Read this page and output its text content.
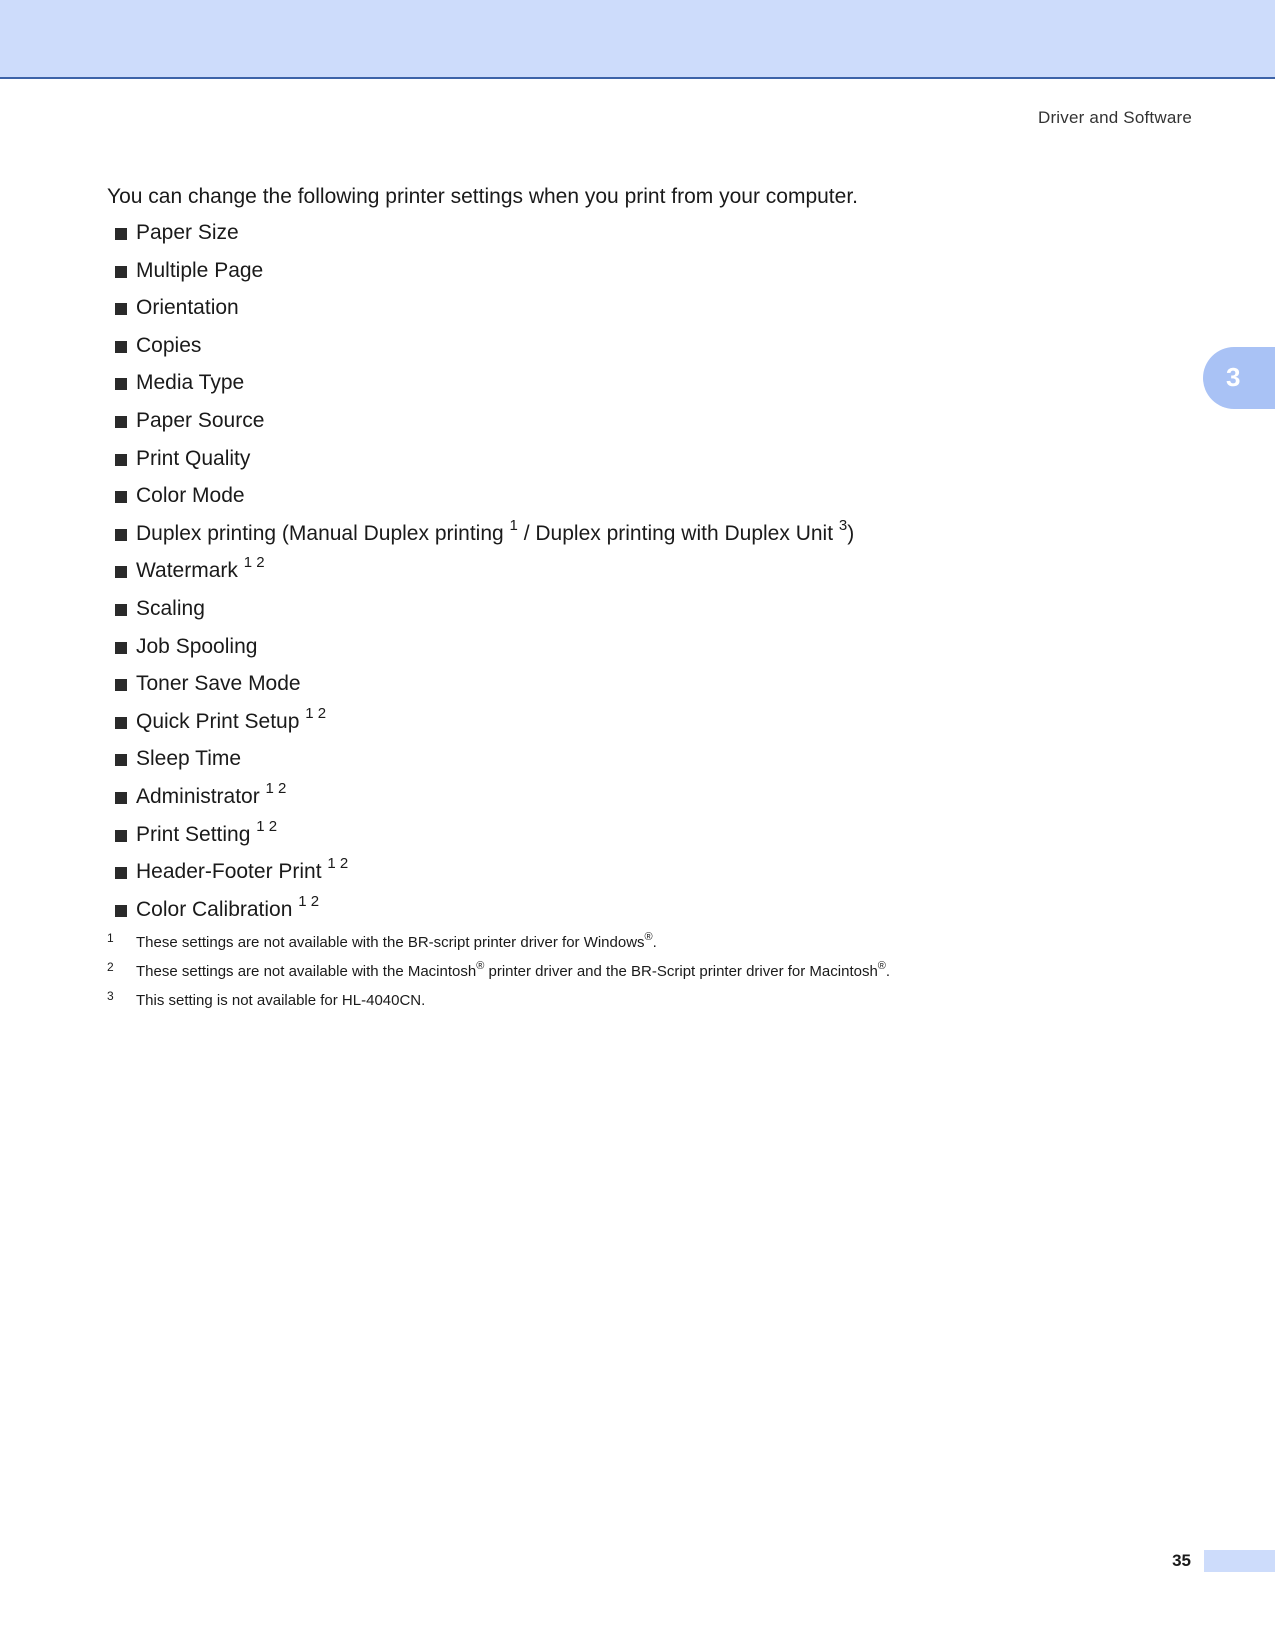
Driver and Software
3

You can change the following printer settings when you print from your computer.

Paper Size
Multiple Page
Orientation
Copies
Media Type
Paper Source
Print Quality
Color Mode
Duplex printing (Manual Duplex printing $^1$ / Duplex printing with Duplex Unit $^3$)
Watermark $^{1 2}$
Scaling
Job Spooling
Toner Save Mode
Quick Print Setup $^{1 2}$
Sleep Time
Administrator $^{1 2}$
Print Setting $^{1 2}$
Header-Footer Print $^{1 2}$
Color Calibration $^{1 2}$
1 These settings are not available with the BR-script printer driver for Windows®.
2 These settings are not available with the Macintosh® printer driver and the BR-Script printer driver for Macintosh®.
3 This setting is not available for HL-4040CN.
35
